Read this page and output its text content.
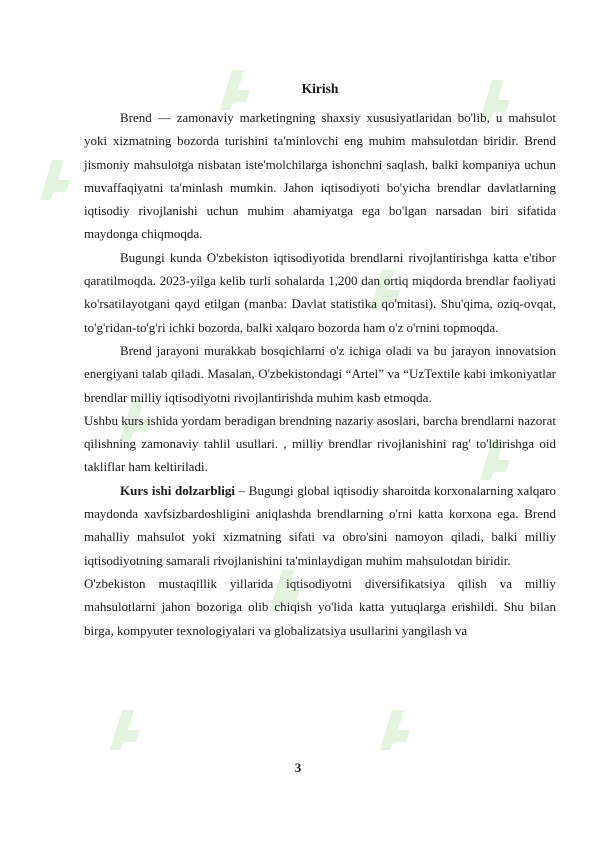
Kirish

Brend — zamonaviy marketingning shaxsiy xususiyatlaridan bo'lib, u mahsulot yoki xizmatning bozorda turishini ta'minlovchi eng muhim mahsulotdan biridir. Brend jismoniy mahsulotga nisbatan iste'molchilarga ishonchni saqlash, balki kompaniya uchun muvaffaqiyatni ta'minlash mumkin. Jahon iqtisodiyoti bo'yicha brendlar davlatlarning iqtisodiy rivojlanishi uchun muhim ahamiyatga ega bo'lgan narsadan biri sifatida maydonga chiqmoqda.

Bugungi kunda O'zbekiston iqtisodiyotida brendlarni rivojlantirishga katta e'tibor qaratilmoqda. 2023-yilga kelib turli sohalarda 1,200 dan ortiq miqdorda brendlar faoliyati ko'rsatilayotgani qayd etilgan (manba: Davlat statistika qo'mitasi). Shu'qima, oziq-ovqat, to'g'ridan-to'g'ri ichki bozorda, balki xalqaro bozorda ham o'z o'rnini topmoqda.

Brend jarayoni murakkab bosqichlarni o'z ichiga oladi va bu jarayon innovatsion energiyani talab qiladi. Masalan, O'zbekistondagi “Artel” va “UzTextile kabi imkoniyatlar brendlar milliy iqtisodiyotni rivojlantirishda muhim kasb etmoqda.

Ushbu kurs ishida yordam beradigan brendning nazariy asoslari, barcha brendlarni nazorat qilishning zamonaviy tahlil usullari. , milliy brendlar rivojlanishini rag' to'ldirishga oid takliflar ham keltiriladi.

Kurs ishi dolzarbligi – Bugungi global iqtisodiy sharoitda korxonalarning xalqaro maydonda xavfsizbardoshligini aniqlashda brendlarning o'rni katta korxona ega. Brend mahalliy mahsulot yoki xizmatning sifati va obro'sini namoyon qiladi, balki milliy iqtisodiyotning samarali rivojlanishini ta'minlaydigan muhim mahsulotdan biridir.

O'zbekiston mustaqillik yillarida iqtisodiyotni diversifikatsiya qilish va milliy mahsulotlarni jahon bozoriga olib chiqish yo'lida katta yutuqlarga erishildi. Shu bilan birga, kompyuter texnologiyalari va globalizatsiya usullarini yangilash va

3
